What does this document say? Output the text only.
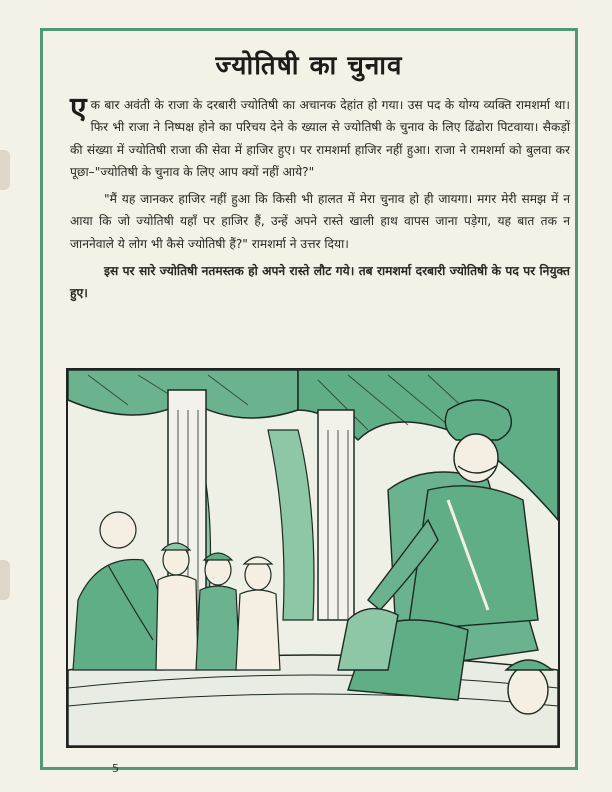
ज्योतिषी का चुनाव

एक बार अवंती के राजा के दरबारी ज्योतिषी का अचानक देहांत हो गया। उस पद के योग्य व्यक्ति रामशर्मा था। फिर भी राजा ने निष्पक्ष होने का परिचय देने के ख्याल से ज्योतिषी के चुनाव के लिए ढिंढोरा पिटवाया। सैकड़ों की संख्या में ज्योतिषी राजा की सेवा में हाजिर हुए। पर रामशर्मा हाजिर नहीं हुआ। राजा ने रामशर्मा को बुलवा कर पूछा–"ज्योतिषी के चुनाव के लिए आप क्यों नहीं आये?"

"मैं यह जानकर हाजिर नहीं हुआ कि किसी भी हालत में मेरा चुनाव हो ही जायगा। मगर मेरी समझ में न आया कि जो ज्योतिषी यहाँ पर हाजिर हैं, उन्हें अपने रास्ते खाली हाथ वापस जाना पड़ेगा, यह बात तक न जाननेवाले ये लोग भी कैसे ज्योतिषी हैं?" रामशर्मा ने उत्तर दिया।

इस पर सारे ज्योतिषी नतमस्तक हो अपने रास्ते लौट गये। तब रामशर्मा दरबारी ज्योतिषी के पद पर नियुक्त हुए।

5
